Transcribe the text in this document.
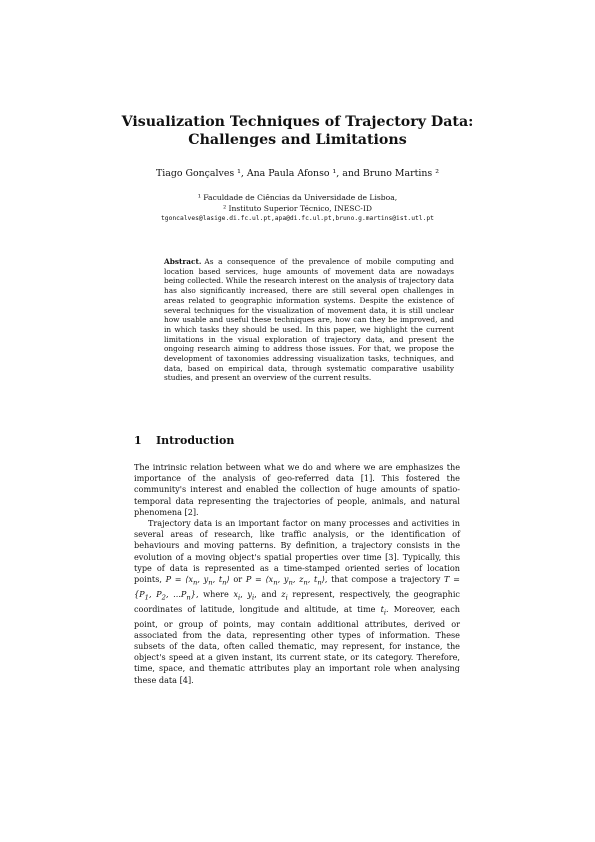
Visualization Techniques of Trajectory Data:
Challenges and Limitations
Tiago Gonçalves ¹, Ana Paula Afonso ¹, and Bruno Martins ²
¹ Faculdade de Ciências da Universidade de Lisboa,
² Instituto Superior Técnico, INESC-ID
tgoncalves@lasige.di.fc.ul.pt,apa@di.fc.ul.pt,bruno.g.martins@ist.utl.pt
Abstract. As a consequence of the prevalence of mobile computing and location based services, huge amounts of movement data are nowadays being collected. While the research interest on the analysis of trajectory data has also significantly increased, there are still several open challenges in areas related to geographic information systems. Despite the existence of several techniques for the visualization of movement data, it is still unclear how usable and useful these techniques are, how can they be improved, and in which tasks they should be used. In this paper, we highlight the current limitations in the visual exploration of trajectory data, and present the ongoing research aiming to address those issues. For that, we propose the development of taxonomies addressing visualization tasks, techniques, and data, based on empirical data, through systematic comparative usability studies, and present an overview of the current results.
1 Introduction

The intrinsic relation between what we do and where we are emphasizes the importance of the analysis of geo-referred data [1]. This fostered the community's interest and enabled the collection of huge amounts of spatio-temporal data representing the trajectories of people, animals, and natural phenomena [2].

Trajectory data is an important factor on many processes and activities in several areas of research, like traffic analysis, or the identification of behaviours and moving patterns. By definition, a trajectory consists in the evolution of a moving object's spatial properties over time [3]. Typically, this type of data is represented as a time-stamped oriented series of location points, $P = ⟨x_n$, $y_n$, $t_n⟩$ or $P = ⟨x_n$, $y_n$, $z_n$, $t_n⟩$, that compose a trajectory $T = \{P_1$, $P_2$, $...P_n$}, where $x_i$, $y_i$, and $z_i$ represent, respectively, the geographic coordinates of latitude, longitude and altitude, at time $t_i$. Moreover, each point, or group of points, may contain additional attributes, derived or associated from the data, representing other types of information. These subsets of the data, often called thematic, may represent, for instance, the object's speed at a given instant, its current state, or its category. Therefore, time, space, and thematic attributes play an important role when analysing these data [4].
